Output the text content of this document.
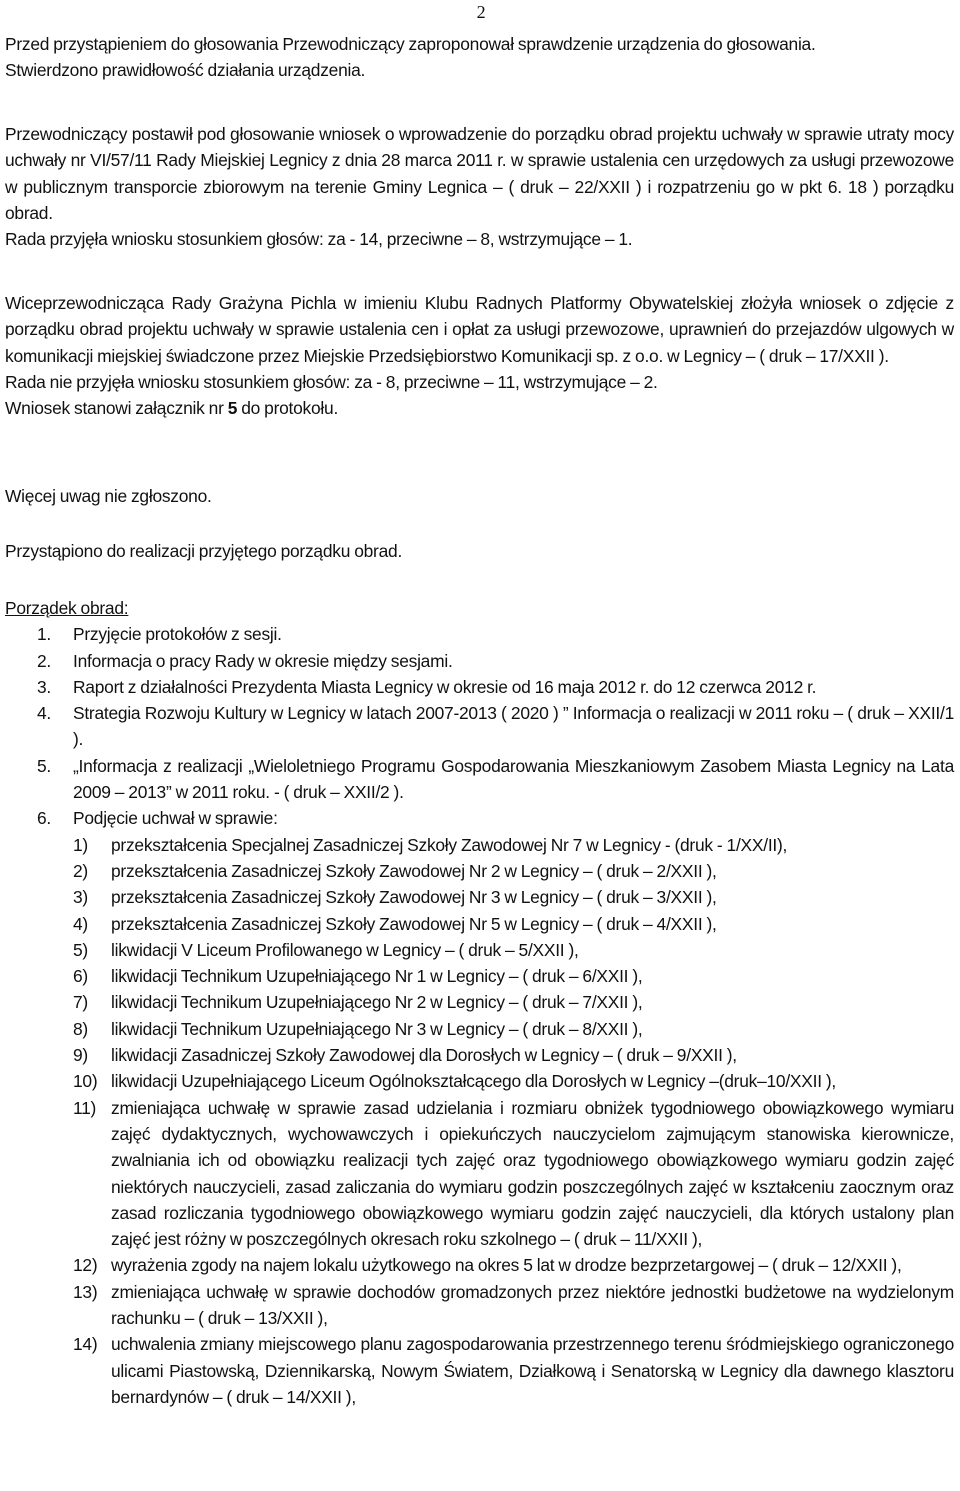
2

Przed przystąpieniem do głosowania Przewodniczący zaproponował sprawdzenie urządzenia do głosowania.

Stwierdzono prawidłowość działania urządzenia.

Przewodniczący postawił pod głosowanie wniosek o wprowadzenie do porządku obrad projektu uchwały w sprawie utraty mocy uchwały nr VI/57/11 Rady Miejskiej Legnicy z dnia 28 marca 2011 r. w sprawie ustalenia cen urzędowych za usługi przewozowe w publicznym transporcie zbiorowym na terenie Gminy Legnica – ( druk – 22/XXII ) i rozpatrzeniu go w pkt 6. 18 ) porządku obrad.

Rada przyjęła wniosku stosunkiem głosów: za - 14, przeciwne – 8, wstrzymujące – 1.

Wiceprzewodnicząca Rady Grażyna Pichla w imieniu Klubu Radnych Platformy Obywatelskiej złożyła wniosek o zdjęcie z porządku obrad projektu uchwały w sprawie ustalenia cen i opłat za usługi przewozowe, uprawnień do przejazdów ulgowych w komunikacji miejskiej świadczone przez Miejskie Przedsiębiorstwo Komunikacji sp. z o.o. w Legnicy – ( druk – 17/XXII ).

Rada nie przyjęła wniosku stosunkiem głosów: za - 8, przeciwne – 11, wstrzymujące – 2.

Wniosek stanowi załącznik nr 5 do protokołu.

Więcej uwag nie zgłoszono.

Przystąpiono do realizacji przyjętego porządku obrad.

Porządek obrad:

1. Przyjęcie protokołów z sesji.
2. Informacja o pracy Rady w okresie między sesjami.
3. Raport z działalności Prezydenta Miasta Legnicy w okresie od 16 maja 2012 r. do 12 czerwca 2012 r.
4. Strategia Rozwoju Kultury w Legnicy w latach 2007-2013 ( 2020 ) ” Informacja o realizacji w 2011 roku – ( druk – XXII/1 ).
5. „Informacja z realizacji „Wieloletniego Programu Gospodarowania Mieszkaniowym Zasobem Miasta Legnicy na Lata 2009 – 2013” w 2011 roku. - ( druk – XXII/2 ).
6. Podjęcie uchwał w sprawie:
1) przekształcenia Specjalnej Zasadniczej Szkoły Zawodowej Nr 7 w Legnicy - (druk - 1/XX/II),
2) przekształcenia Zasadniczej Szkoły Zawodowej Nr 2 w Legnicy – ( druk – 2/XXII ),
3) przekształcenia Zasadniczej Szkoły Zawodowej Nr 3 w Legnicy – ( druk – 3/XXII ),
4) przekształcenia Zasadniczej Szkoły Zawodowej Nr 5 w Legnicy – ( druk – 4/XXII ),
5) likwidacji V Liceum Profilowanego w Legnicy – ( druk – 5/XXII ),
6) likwidacji Technikum Uzupełniającego Nr 1 w Legnicy – ( druk – 6/XXII ),
7) likwidacji Technikum Uzupełniającego Nr 2 w Legnicy – ( druk – 7/XXII ),
8) likwidacji Technikum Uzupełniającego Nr 3 w Legnicy – ( druk – 8/XXII ),
9) likwidacji Zasadniczej Szkoły Zawodowej dla Dorosłych w Legnicy – ( druk – 9/XXII ),
10) likwidacji Uzupełniającego Liceum Ogólnokształcącego dla Dorosłych w Legnicy –(druk–10/XXII ),
11) zmieniająca uchwałę w sprawie zasad udzielania i rozmiaru obniżek tygodniowego obowiązkowego wymiaru zajęć dydaktycznych, wychowawczych i opiekuńczych nauczycielom zajmującym stanowiska kierownicze, zwalniania ich od obowiązku realizacji tych zajęć oraz tygodniowego obowiązkowego wymiaru godzin zajęć niektórych nauczycieli, zasad zaliczania do wymiaru godzin poszczególnych zajęć w kształceniu zaocznym oraz zasad rozliczania tygodniowego obowiązkowego wymiaru godzin zajęć nauczycieli, dla których ustalony plan zajęć jest różny w poszczególnych okresach roku szkolnego – ( druk – 11/XXII ),
12) wyrażenia zgody na najem lokalu użytkowego na okres 5 lat w drodze bezprzetargowej – ( druk – 12/XXII ),
13) zmieniająca uchwałę w sprawie dochodów gromadzonych przez niektóre jednostki budżetowe na wydzielonym rachunku – ( druk – 13/XXII ),
14) uchwalenia zmiany miejscowego planu zagospodarowania przestrzennego terenu śródmiejskiego ograniczonego ulicami Piastowską, Dziennikarską, Nowym Światem, Działkową i Senatorską w Legnicy dla dawnego klasztoru bernardynów – ( druk – 14/XXII ),
